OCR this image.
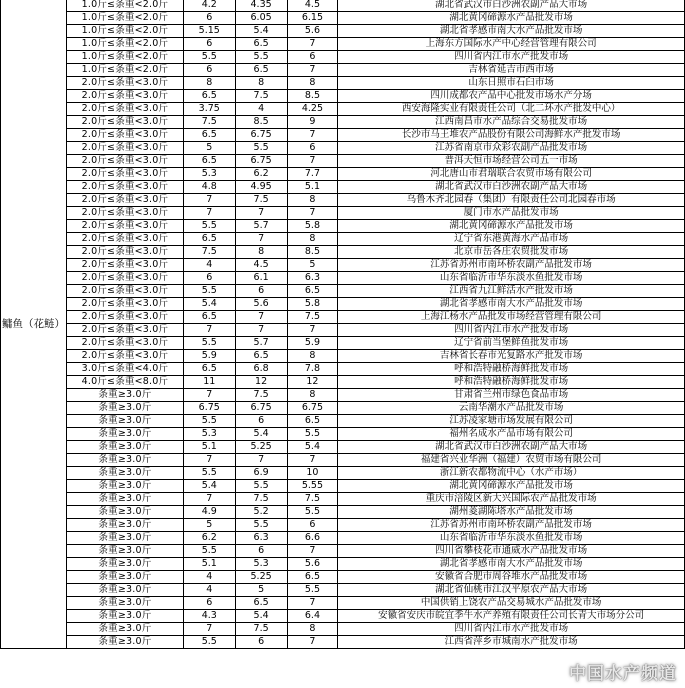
鳙鱼（花鲢）	1.0斤≤条重<2.0斤	4.2	4.35	4.5	湖北省武汉市白沙洲农副产品大市场
	1.0斤≤条重<2.0斤	6	6.05	6.15	湖北黄冈碲源水产品批发市场
	1.0斤≤条重<2.0斤	5.15	5.4	5.6	湖北省孝感市南大水产品批发市场
	1.0斤≤条重<2.0斤	6	6.5	7	上海东方国际水产中心经营管理有限公司
	1.0斤≤条重<2.0斤	5.5	5.5	6	四川省内江市水产批发市场
	1.0斤≤条重<2.0斤	6	6.5	7	吉林省延吉市西市场
	2.0斤≤条重<3.0斤	8	8	8	山东日照市石臼市场
	2.0斤≤条重<3.0斤	6.5	7.5	8.5	四川成都农产品中心批发市场水产分场
	2.0斤≤条重<3.0斤	3.75	4	4.25	西安海隆实业有限责任公司（北二环水产批发中心）
	2.0斤≤条重<3.0斤	7.5	8.5	9	江西南昌市水产品综合交易批发市场
	2.0斤≤条重<3.0斤	6.5	6.75	7	长沙市马王堆农产品股份有限公司海鲜水产批发市场
	2.0斤≤条重<3.0斤	5	5.5	6	江苏省南京市众彩农副产品批发市场
	2.0斤≤条重<3.0斤	6.5	6.75	7	普洱天恒市场经营公司五一市场
	2.0斤≤条重<3.0斤	5.3	6.2	7.7	河北唐山市君瑞联合农贸市场有限公司
	2.0斤≤条重<3.0斤	4.8	4.95	5.1	湖北省武汉市白沙洲农副产品大市场
	2.0斤≤条重<3.0斤	7	7.5	8	乌鲁木齐北园春（集团）有限责任公司北园春市场
	2.0斤≤条重<3.0斤	7	7	7	厦门市水产品批发市场
	2.0斤≤条重<3.0斤	5.5	5.7	5.8	湖北黄冈碲源水产品批发市场
	2.0斤≤条重<3.0斤	6.5	7	8	辽宁省东港黄海水产品市场
	2.0斤≤条重<3.0斤	7.5	8	8.5	北京市岳各庄农贸批发市场
	2.0斤≤条重<3.0斤	4	4.5	5	江苏省苏州市南环桥农副产品批发市场
	2.0斤≤条重<3.0斤	6	6.1	6.3	山东省临沂市华东淡水鱼批发市场
	2.0斤≤条重<3.0斤	5.5	6	6.5	江西省九江鲜活水产批发市场
	2.0斤≤条重<3.0斤	5.4	5.6	5.8	湖北省孝感市南大水产品批发市场
	2.0斤≤条重<3.0斤	6.5	7	7.5	上海江杨水产品批发市场经营管理有限公司
	2.0斤≤条重<3.0斤	7	7	7	四川省内江市水产批发市场
	2.0斤≤条重<3.0斤	5.5	5.7	5.9	辽宁省前当堡鲜鱼批发市场
	2.0斤≤条重<3.0斤	5.9	6.5	8	吉林省长春市光复路水产批发市场
	3.0斤≤条重<4.0斤	6.5	6.8	7.8	呼和浩特融桥海鲜批发市场
	4.0斤≤条重<8.0斤	11	12	12	呼和浩特融桥海鲜批发市场
	条重≥3.0斤	7	7.5	8	甘肃省兰州市绿色食品市场
	条重≥3.0斤	6.75	6.75	6.75	云南华潮水产品批发市场
	条重≥3.0斤	5.5	6	6.5	江苏凌家塘市场发展有限公司
	条重≥3.0斤	5.3	5.4	5.5	福州名成水产品市场有限公司
	条重≥3.0斤	5.1	5.25	5.4	湖北省武汉市白沙洲农副产品大市场
	条重≥3.0斤	7	7	7	福建省兴业华洲（福建）农贸市场有限公司
	条重≥3.0斤	5.5	6.9	10	浙江新农都物流中心（水产市场）
	条重≥3.0斤	5.4	5.5	5.55	湖北黄冈碲源水产品批发市场
	条重≥3.0斤	7	7.5	7.5	重庆市涪陵区新大兴国际农产品批发市场
	条重≥3.0斤	4.9	5.2	5.5	湖州菱湖陈塔水产品批发市场
	条重≥3.0斤	5	5.5	6	江苏省苏州市南环桥农副产品批发市场
	条重≥3.0斤	6.2	6.3	6.6	山东省临沂市华东淡水鱼批发市场
	条重≥3.0斤	5.5	6	7	四川省攀枝花市通威水产品批发市场
	条重≥3.0斤	5.1	5.3	5.6	湖北省孝感市南大水产品批发市场
	条重≥3.0斤	4	5.25	6.5	安徽省合肥市周谷堆水产品批发市场
	条重≥3.0斤	4	5	5.5	湖北省仙桃市江汉平原农产品大市场
	条重≥3.0斤	6	6.5	7	中国供销上饶农产品交易城水产品批发市场
	条重≥3.0斤	4.3	5.4	6.4	安徽省安庆市皖宜季牛水产养殖有限责任公司长青大市场分公司
	条重≥3.0斤	7	7.5	8	四川省内江市水产批发市场
	条重≥3.0斤	5.5	6	7	江西省萍乡市城南水产批发市场
中国水产频道
